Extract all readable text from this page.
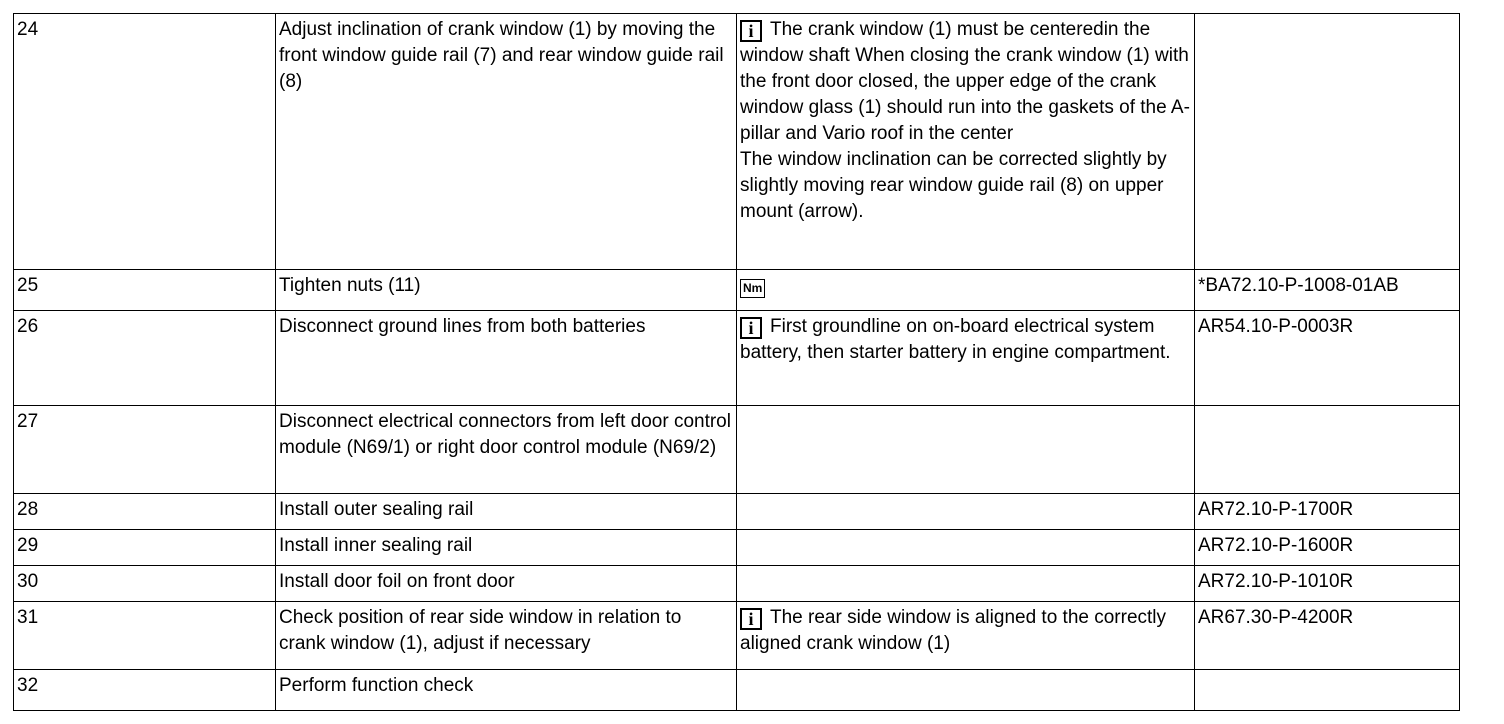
24	Adjust inclination of crank window (1) by moving the front window guide rail (7) and rear window guide rail (8)	i The crank window (1) must be centeredin the window shaft When closing the crank window (1) with the front door closed, the upper edge of the crank window glass (1) should run into the gaskets of the A-pillar and Vario roof in the center
The window inclination can be corrected slightly by slightly moving rear window guide rail (8) on upper mount (arrow).	
25	Tighten nuts (11)	Nm	*BA72.10-P-1008-01AB
26	Disconnect ground lines from both batteries	i First groundline on on-board electrical system battery, then starter battery in engine compartment.	AR54.10-P-0003R
27	Disconnect electrical connectors from left door control module (N69/1) or right door control module (N69/2)		
28	Install outer sealing rail		AR72.10-P-1700R
29	Install inner sealing rail		AR72.10-P-1600R
30	Install door foil on front door		AR72.10-P-1010R
31	Check position of rear side window in relation to crank window (1), adjust if necessary	i The rear side window is aligned to the correctly aligned crank window (1)	AR67.30-P-4200R
32	Perform function check		
